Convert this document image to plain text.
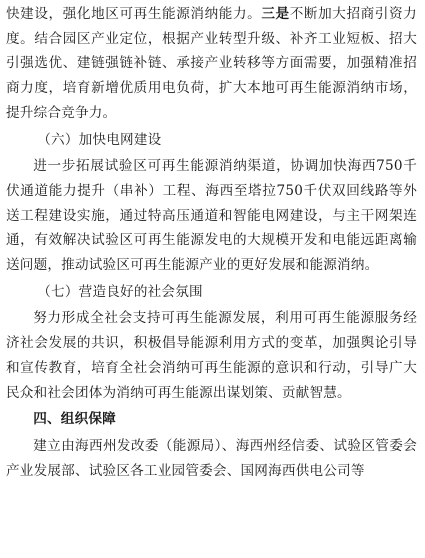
快建设，强化地区可再生能源消纳能力。三是不断加大招商引资力度。结合园区产业定位，根据产业转型升级、补齐工业短板、招大引强选优、建链强链补链、承接产业转移等方面需要，加强精准招商力度，培育新增优质用电负荷，扩大本地可再生能源消纳市场，提升综合竞争力。

（六）加快电网建设

进一步拓展试验区可再生能源消纳渠道，协调加快海西750千伏通道能力提升（串补）工程、海西至塔拉750千伏双回线路等外送工程建设实施，通过特高压通道和智能电网建设，与主干网架连通，有效解决试验区可再生能源发电的大规模开发和电能远距离输送问题，推动试验区可再生能源产业的更好发展和能源消纳。

（七）营造良好的社会氛围

努力形成全社会支持可再生能源发展，利用可再生能源服务经济社会发展的共识，积极倡导能源利用方式的变革，加强舆论引导和宣传教育，培育全社会消纳可再生能源的意识和行动，引导广大民众和社会团体为消纳可再生能源出谋划策、贡献智慧。

四、组织保障

建立由海西州发改委（能源局）、海西州经信委、试验区管委会产业发展部、试验区各工业园管委会、国网海西供电公司等
